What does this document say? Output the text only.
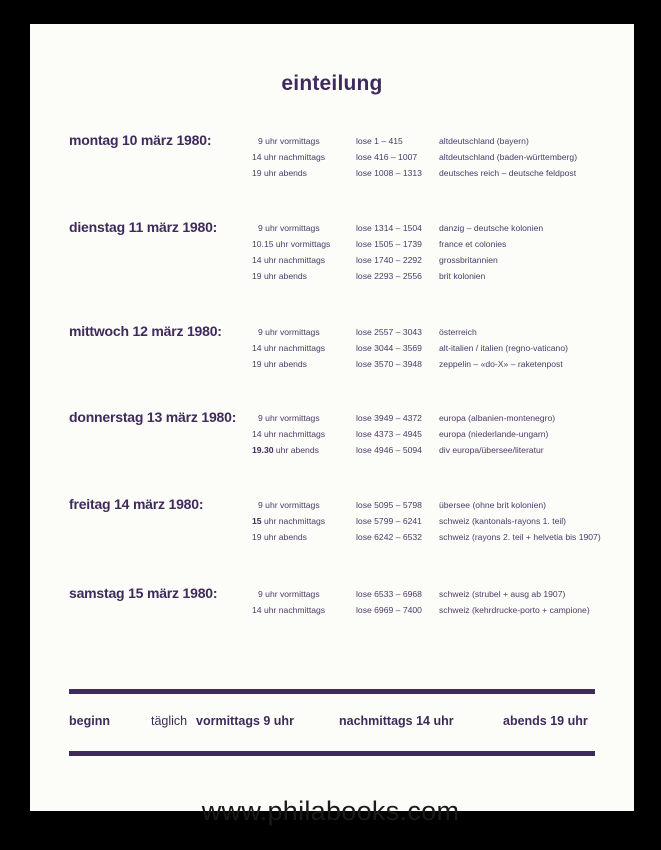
einteilung
montag 10 märz 1980:	9 uhr vormittags	lose 1 – 415	altdeutschland (bayern)
14 uhr nachmittags	lose 416 – 1007	altdeutschland (baden-württemberg)
19 uhr abends	lose 1008 – 1313 deutsches reich – deutsche feldpost
dienstag 11 märz 1980:	9 uhr vormittags	lose 1314 – 1504 danzig – deutsche kolonien
10.15 uhr vormittags	lose 1505 – 1739 france et colonies
14 uhr nachmittags	lose 1740 – 2292 grossbritannien
19 uhr abends	lose 2293 – 2556 brit kolonien
mittwoch 12 märz 1980:	9 uhr vormittags	lose 2557 – 3043 österreich
14 uhr nachmittags	lose 3044 – 3569 alt-italien / italien (regno-vaticano)
19 uhr abends	lose 3570 – 3948 zeppelin – «do-X» – raketenpost
donnerstag 13 märz 1980:	9 uhr vormittags	lose 3949 – 4372 europa (albanien-montenegro)
14 uhr nachmittags	lose 4373 – 4945 europa (niederlande-ungarn)
19.30 uhr abends	lose 4946 – 5094 div europa/übersee/literatur
freitag 14 märz 1980:	9 uhr vormittags	lose 5095 – 5798 übersee (ohne brit kolonien)
15 uhr nachmittags	lose 5799 – 6241 schweiz (kantonals-rayons 1. teil)
19 uhr abends	lose 6242 – 6532 schweiz (rayons 2. teil + helvetia bis 1907)
samstag 15 märz 1980:	9 uhr vormittags	lose 6533 – 6968 schweiz (strubel + ausg ab 1907)
14 uhr nachmittags	lose 6969 – 7400 schweiz (kehrdrucke-porto + campione)
beginn	täglich vormittags 9 uhr	nachmittags 14 uhr	abends 19 uhr
www.philabooks.com
